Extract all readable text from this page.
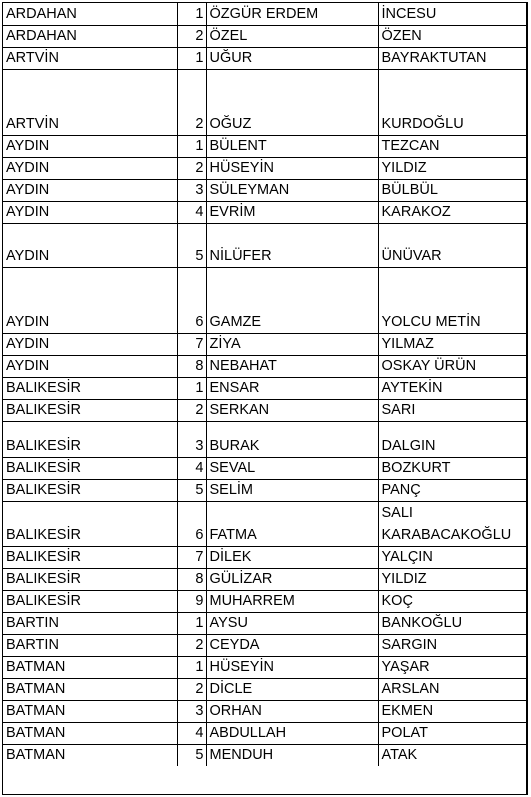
ARDAHAN	1	ÖZGÜR ERDEM	İNCESU
ARDAHAN	2	ÖZEL	ÖZEN
ARTVİN	1	UĞUR	BAYRAKTUTAN
ARTVİN	2	OĞUZ	KURDOĞLU
AYDIN	1	BÜLENT	TEZCAN
AYDIN	2	HÜSEYİN	YILDIZ
AYDIN	3	SÜLEYMAN	BÜLBÜL
AYDIN	4	EVRİM	KARAKOZ
AYDIN	5	NİLÜFER	ÜNÜVAR
AYDIN	6	GAMZE	YOLCU METİN
AYDIN	7	ZİYA	YILMAZ
AYDIN	8	NEBAHAT	OSKAY ÜRÜN
BALIKESİR	1	ENSAR	AYTEKİN
BALIKESİR	2	SERKAN	SARI
BALIKESİR	3	BURAK	DALGIN
BALIKESİR	4	SEVAL	BOZKURT
BALIKESİR	5	SELİM	PANÇ
BALIKESİR	6	FATMA	SALI KARABACAKOĞLU
BALIKESİR	7	DİLEK	YALÇIN
BALIKESİR	8	GÜLİZAR	YILDIZ
BALIKESİR	9	MUHARREM	KOÇ
BARTIN	1	AYSU	BANKOĞLU
BARTIN	2	CEYDA	SARGIN
BATMAN	1	HÜSEYİN	YAŞAR
BATMAN	2	DİCLE	ARSLAN
BATMAN	3	ORHAN	EKMEN
BATMAN	4	ABDULLAH	POLAT
BATMAN	5	MENDUH	ATAK
